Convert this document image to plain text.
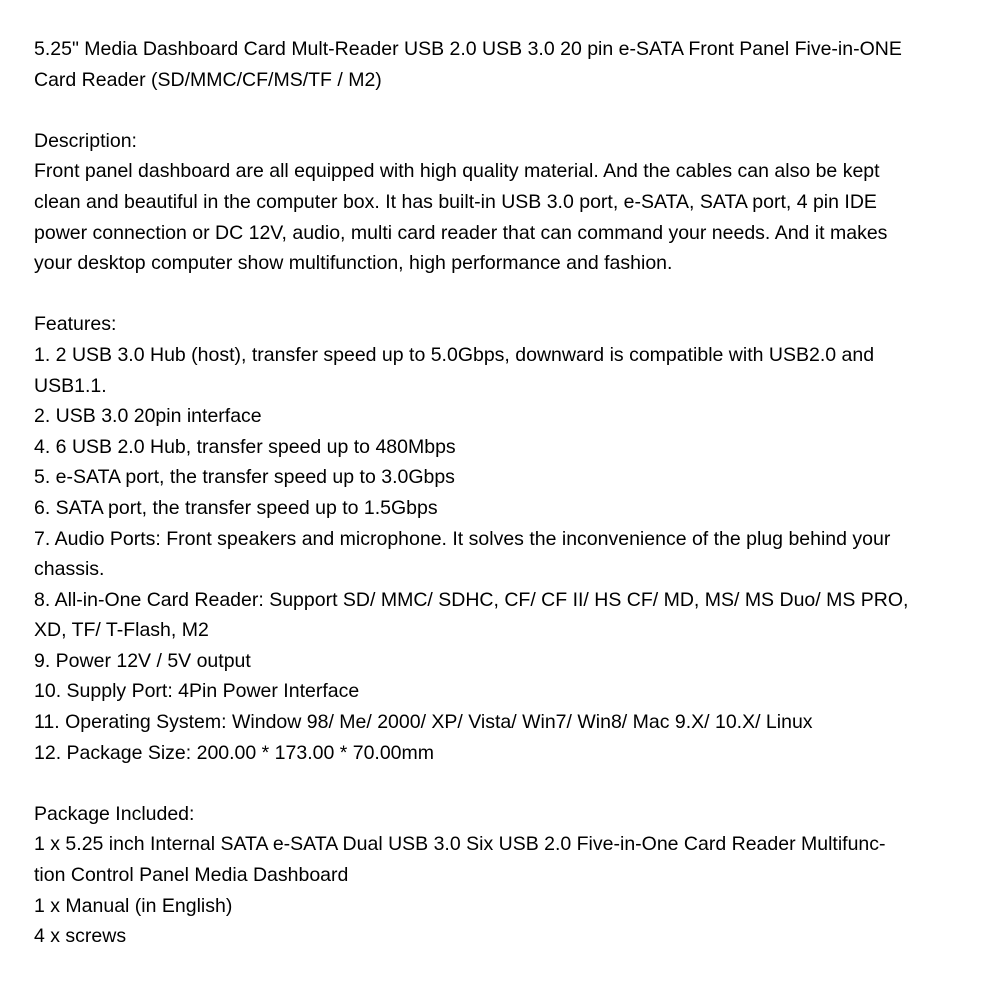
5.25" Media Dashboard Card Mult-Reader USB 2.0 USB 3.0 20 pin e-SATA Front Panel Five-in-ONE
Card Reader (SD/MMC/CF/MS/TF / M2)
Description:
Front panel dashboard are all equipped with high quality material. And the cables can also be kept
clean and beautiful in the computer box. It has built-in USB 3.0 port, e-SATA, SATA port, 4 pin IDE
power connection or DC 12V, audio, multi card reader that can command your needs. And it makes
your desktop computer show multifunction, high performance and fashion.
Features:
1. 2 USB 3.0 Hub (host), transfer speed up to 5.0Gbps, downward is compatible with USB2.0 and
USB1.1.
2. USB 3.0 20pin interface
4. 6 USB 2.0 Hub, transfer speed up to 480Mbps
5. e-SATA port, the transfer speed up to 3.0Gbps
6. SATA port, the transfer speed up to 1.5Gbps
7. Audio Ports: Front speakers and microphone. It solves the inconvenience of the plug behind your
chassis.
8. All-in-One Card Reader: Support SD/ MMC/ SDHC, CF/ CF II/ HS CF/ MD, MS/ MS Duo/ MS PRO,
XD, TF/ T-Flash, M2
9. Power 12V / 5V output
10. Supply Port: 4Pin Power Interface
11. Operating System: Window 98/ Me/ 2000/ XP/ Vista/ Win7/ Win8/ Mac 9.X/ 10.X/ Linux
12. Package Size: 200.00 * 173.00 * 70.00mm
Package Included:
1 x 5.25 inch Internal SATA e-SATA Dual USB 3.0 Six USB 2.0 Five-in-One Card Reader Multifunc-
tion Control Panel Media Dashboard
1 x Manual (in English)
4 x screws
